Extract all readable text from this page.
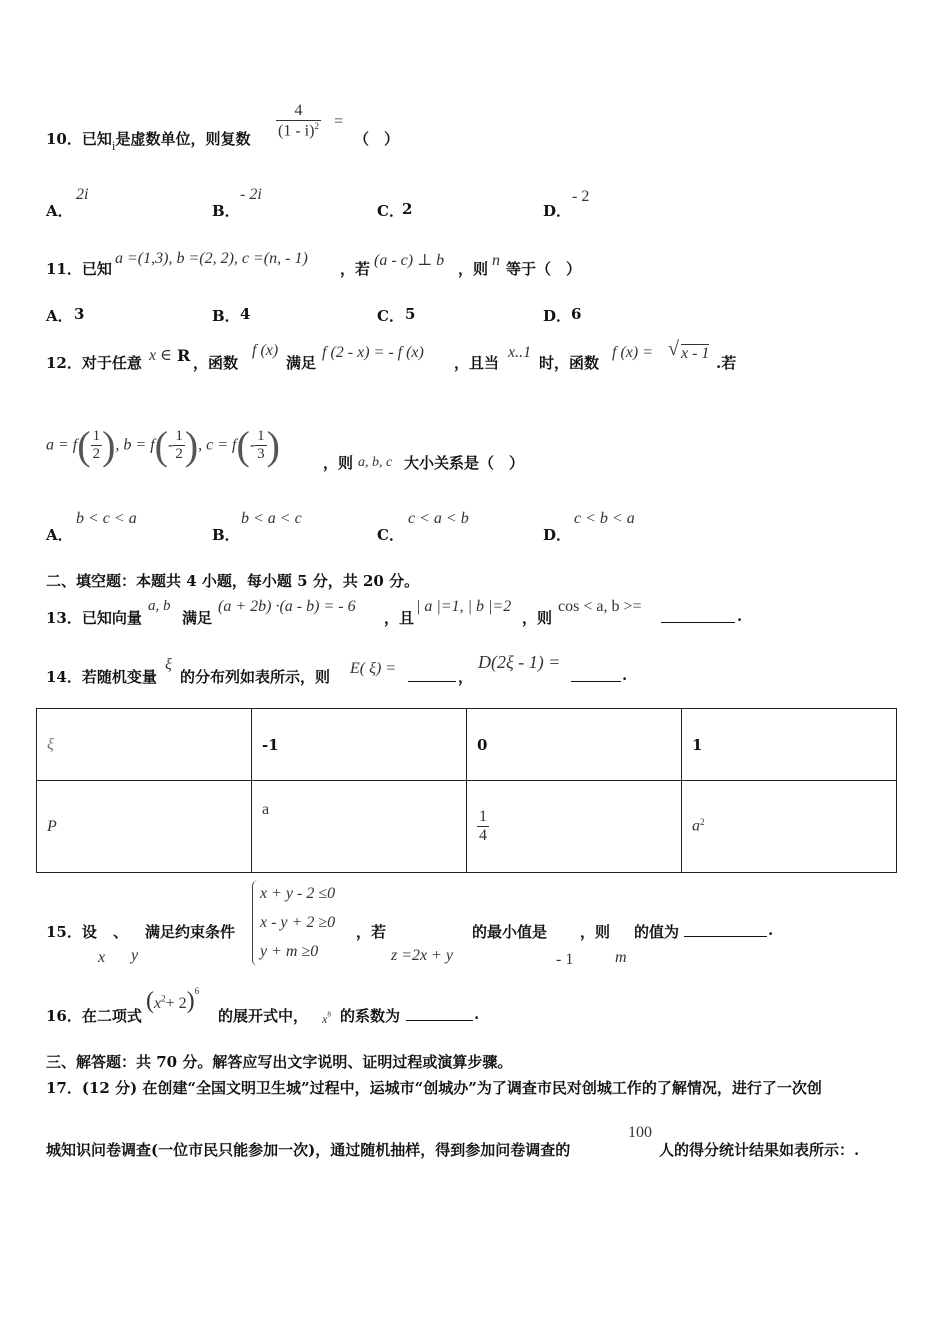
10．已知i是虚数单位，则复数 $\frac{4}{(1 - i)^2}$ =
（　）
A．
2i
B．
- 2i
C．
2	D．
- 2
11．已知
a =(1,3), b =(2, 2), c =(n, - 1)
，若 (a - c) ⊥ b ，则 n 等于（　）
A． 3	B． 4	C． 5	D． 6
12．对于任意 x ∈ R ，函数
f (x)
满足
f (2 - x) = - f (x)
，且当
x..1
时，函数
f (x) = √ x - 1
.若
$a = f( \frac{1}{2}$ ), $b = f(- \frac{1}{2}$ ), $c = f(- \frac{1}{3}$ )	，则 a, b, c 大小关系是（　）
A．
b < c < a
B．
b < a < c
C．
c < a < b
D．
c < b < a
二、填空题：本题共 4 小题，每小题 5 分，共 20 分。
13．已知向量
a, b
满足
(a + 2b) ·(a - b) = - 6
，且
| a |=1, | b |=2
，则
cos < a, b >=
.
14．若随机变量
ξ
的分布列如表所示，则 E( ξ) =	，
D(2ξ - 1) =
.
ξ	-1	0	1
P	a	$\frac{1}{4}$	$a^2$
15．设 、 满足约束条件
x y
x + y - 2 ≤0
x - y + 2 ≥0
y + m ≥0
，若
z =2x + y
的最小值是
- 1
，则
m
的值为	.
16．在二项式
$(x^2+ 2)^6$
的展开式中， $x^8$ 的系数为	.
三、解答题：共 70 分。解答应写出文字说明、证明过程或演算步骤。
17．(12 分) 在创建“全国文明卫生城”过程中，运城市“创城办”为了调查市民对创城工作的了解情况，进行了一次创
城知识问卷调查(一位市民只能参加一次)，通过随机抽样，得到参加问卷调查的
100
人的得分统计结果如表所示：.
